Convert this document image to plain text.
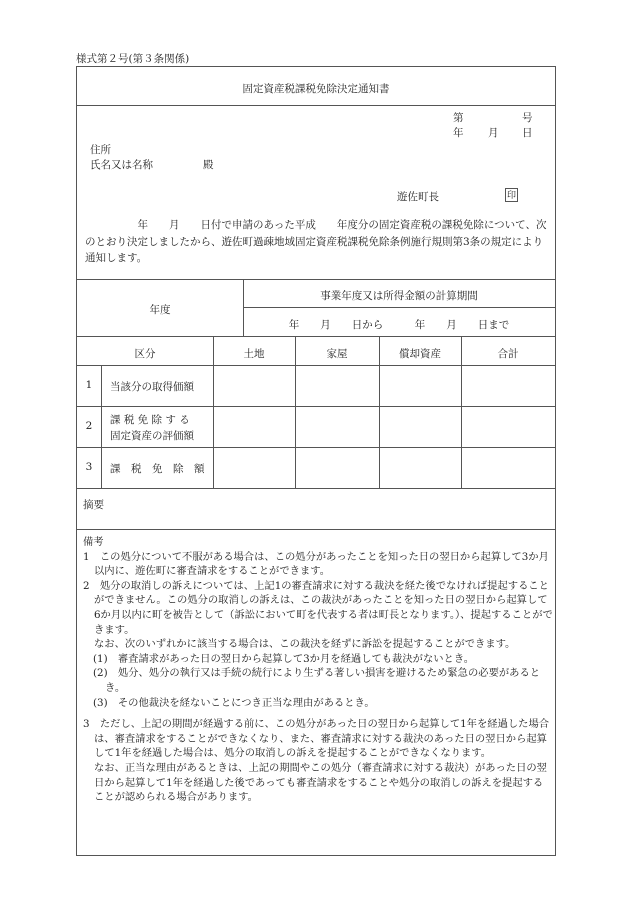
様式第２号(第３条関係)
固定資産税課税免除決定通知書
第	号
年 月 日
住所
氏名又は名称	殿
遊佐町長	印
　　　　　年　　月　　日付で申請のあった平成　　年度分の固定資産税の課税免除について、次のとおり決定しましたから、遊佐町過疎地域固定資産税課税免除条例施行規則第3条の規定により通知します。
年度
事業年度又は所得金額の計算期間
年　　月　　日から　　　年　　月　　日まで
区分	土地	家屋	償却資産	合計
1	当該分の取得価額
2	課 税 免 除 す る
固定資産の評価額
3	課　税　免　除　額
摘要
備考
1　この処分について不服がある場合は、この処分があったことを知った日の翌日から起算して3か月以内に、遊佐町に審査請求をすることができます。
2　処分の取消しの訴えについては、上記1の審査請求に対する裁決を経た後でなければ提起することができません。この処分の取消しの訴えは、この裁決があったことを知った日の翌日から起算して6か月以内に町を被告として（訴訟において町を代表する者は町長となります。）、提起することができます。
なお、次のいずれかに該当する場合は、この裁決を経ずに訴訟を提起することができます。
(1)　審査請求があった日の翌日から起算して3か月を経過しても裁決がないとき。
(2)　処分、処分の執行又は手続の続行により生ずる著しい損害を避けるため緊急の必要があるとき。
(3)　その他裁決を経ないことにつき正当な理由があるとき。
3　ただし、上記の期間が経過する前に、この処分があった日の翌日から起算して1年を経過した場合は、審査請求をすることができなくなり、また、審査請求に対する裁決のあった日の翌日から起算して1年を経過した場合は、処分の取消しの訴えを提起することができなくなります。
なお、正当な理由があるときは、上記の期間やこの処分（審査請求に対する裁決）があった日の翌日から起算して1年を経過した後であっても審査請求をすることや処分の取消しの訴えを提起することが認められる場合があります。
